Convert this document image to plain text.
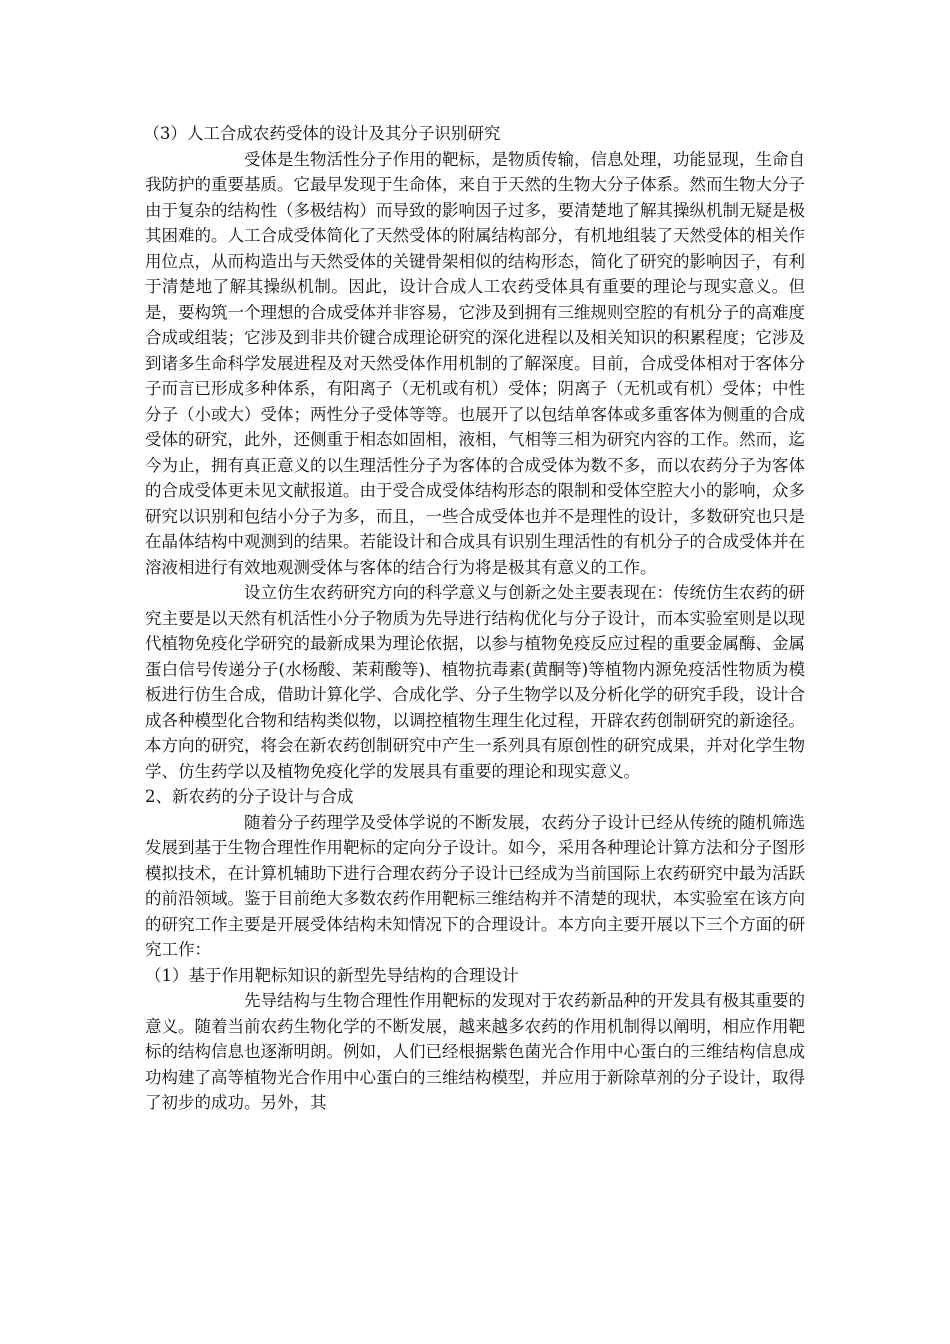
（3）人工合成农药受体的设计及其分子识别研究

受体是生物活性分子作用的靶标，是物质传输，信息处理，功能显现，生命自我防护的重要基质。它最早发现于生命体，来自于天然的生物大分子体系。然而生物大分子由于复杂的结构性（多极结构）而导致的影响因子过多，要清楚地了解其操纵机制无疑是极其困难的。人工合成受体简化了天然受体的附属结构部分，有机地组装了天然受体的相关作用位点，从而构造出与天然受体的关键骨架相似的结构形态，简化了研究的影响因子，有利于清楚地了解其操纵机制。因此，设计合成人工农药受体具有重要的理论与现实意义。但是，要构筑一个理想的合成受体并非容易，它涉及到拥有三维规则空腔的有机分子的高难度合成或组装；它涉及到非共价键合成理论研究的深化进程以及相关知识的积累程度；它涉及到诸多生命科学发展进程及对天然受体作用机制的了解深度。目前，合成受体相对于客体分子而言已形成多种体系，有阳离子（无机或有机）受体；阴离子（无机或有机）受体；中性分子（小或大）受体；两性分子受体等等。也展开了以包结单客体或多重客体为侧重的合成受体的研究，此外，还侧重于相态如固相，液相，气相等三相为研究内容的工作。然而，迄今为止，拥有真正意义的以生理活性分子为客体的合成受体为数不多，而以农药分子为客体的合成受体更未见文献报道。由于受合成受体结构形态的限制和受体空腔大小的影响，众多研究以识别和包结小分子为多，而且，一些合成受体也并不是理性的设计，多数研究也只是在晶体结构中观测到的结果。若能设计和合成具有识别生理活性的有机分子的合成受体并在溶液相进行有效地观测受体与客体的结合行为将是极其有意义的工作。

设立仿生农药研究方向的科学意义与创新之处主要表现在：传统仿生农药的研究主要是以天然有机活性小分子物质为先导进行结构优化与分子设计，而本实验室则是以现代植物免疫化学研究的最新成果为理论依据，以参与植物免疫反应过程的重要金属酶、金属蛋白信号传递分子(水杨酸、茉莉酸等)、植物抗毒素(黄酮等)等植物内源免疫活性物质为模板进行仿生合成，借助计算化学、合成化学、分子生物学以及分析化学的研究手段，设计合成各种模型化合物和结构类似物，以调控植物生理生化过程，开辟农药创制研究的新途径。本方向的研究，将会在新农药创制研究中产生一系列具有原创性的研究成果，并对化学生物学、仿生药学以及植物免疫化学的发展具有重要的理论和现实意义。

2、新农药的分子设计与合成

随着分子药理学及受体学说的不断发展，农药分子设计已经从传统的随机筛选发展到基于生物合理性作用靶标的定向分子设计。如今，采用各种理论计算方法和分子图形模拟技术，在计算机辅助下进行合理农药分子设计已经成为当前国际上农药研究中最为活跃的前沿领域。鉴于目前绝大多数农药作用靶标三维结构并不清楚的现状，本实验室在该方向的研究工作主要是开展受体结构未知情况下的合理设计。本方向主要开展以下三个方面的研究工作：

（1）基于作用靶标知识的新型先导结构的合理设计

先导结构与生物合理性作用靶标的发现对于农药新品种的开发具有极其重要的意义。随着当前农药生物化学的不断发展，越来越多农药的作用机制得以阐明，相应作用靶标的结构信息也逐渐明朗。例如，人们已经根据紫色菌光合作用中心蛋白的三维结构信息成功构建了高等植物光合作用中心蛋白的三维结构模型，并应用于新除草剂的分子设计，取得了初步的成功。另外，其
